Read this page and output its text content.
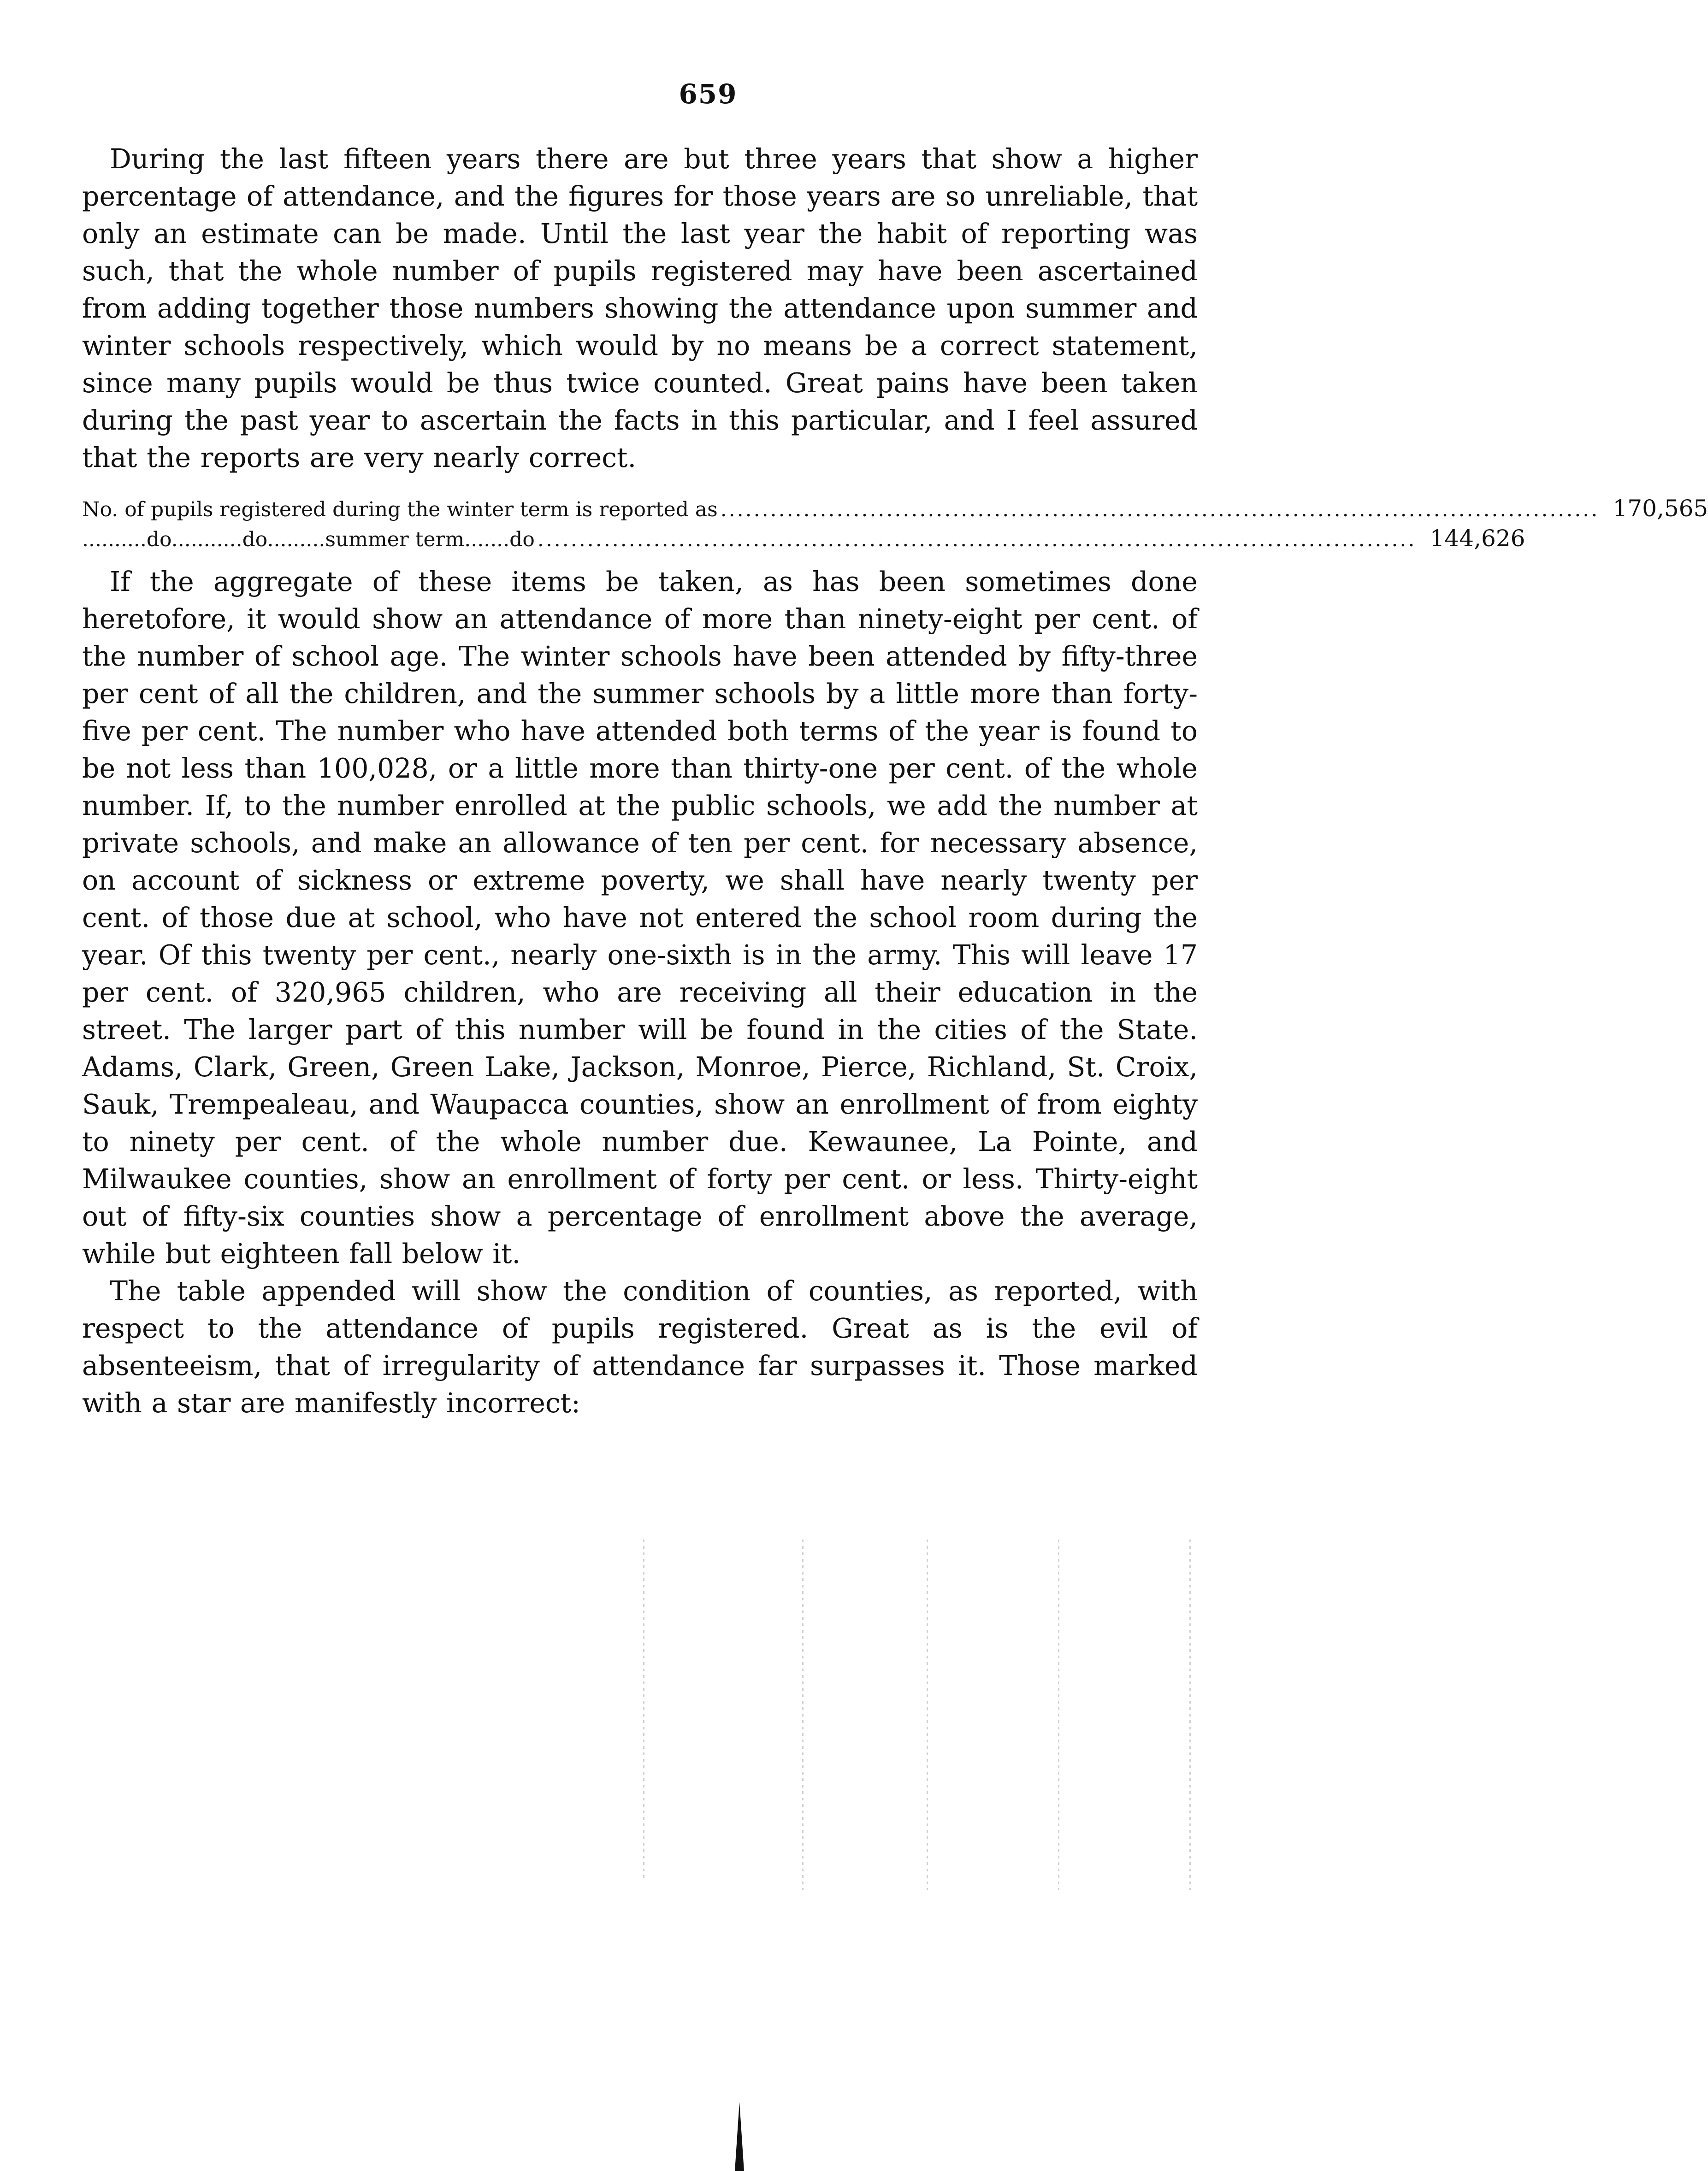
659

During the last fifteen years there are but three years that show a higher percentage of attendance, and the figures for those years are so unreliable, that only an estimate can be made. Until the last year the habit of reporting was such, that the whole number of pupils registered may have been ascertained from adding together those numbers showing the attendance upon summer and winter schools respectively, which would by no means be a correct statement, since many pupils would be thus twice counted. Great pains have been taken during the past year to ascertain the facts in this particular, and I feel assured that the reports are very nearly correct.

No. of pupils registered during the winter term is reported as .......................................................................................................... 170,565
..........do...........do.........summer term.......do .......................................................................................................... 144,626

If the aggregate of these items be taken, as has been sometimes done heretofore, it would show an attendance of more than ninety-eight per cent. of the number of school age. The winter schools have been attended by fifty-three per cent of all the children, and the summer schools by a little more than forty-five per cent. The number who have attended both terms of the year is found to be not less than 100,028, or a little more than thirty-one per cent. of the whole number. If, to the number enrolled at the public schools, we add the number at private schools, and make an allowance of ten per cent. for necessary absence, on account of sickness or extreme poverty, we shall have nearly twenty per cent. of those due at school, who have not entered the school room during the year. Of this twenty per cent., nearly one-sixth is in the army. This will leave 17 per cent. of 320,965 children, who are receiving all their education in the street. The larger part of this number will be found in the cities of the State. Adams, Clark, Green, Green Lake, Jackson, Monroe, Pierce, Richland, St. Croix, Sauk, Trempealeau, and Waupacca counties, show an enrollment of from eighty to ninety per cent. of the whole number due. Kewaunee, La Pointe, and Milwaukee counties, show an enrollment of forty per cent. or less. Thirty-eight out of fifty-six counties show a percentage of enrollment above the average, while but eighteen fall below it.

The table appended will show the condition of counties, as reported, with respect to the attendance of pupils registered. Great as is the evil of absenteeism, that of irregularity of attendance far surpasses it. Those marked with a star are manifestly incorrect:
